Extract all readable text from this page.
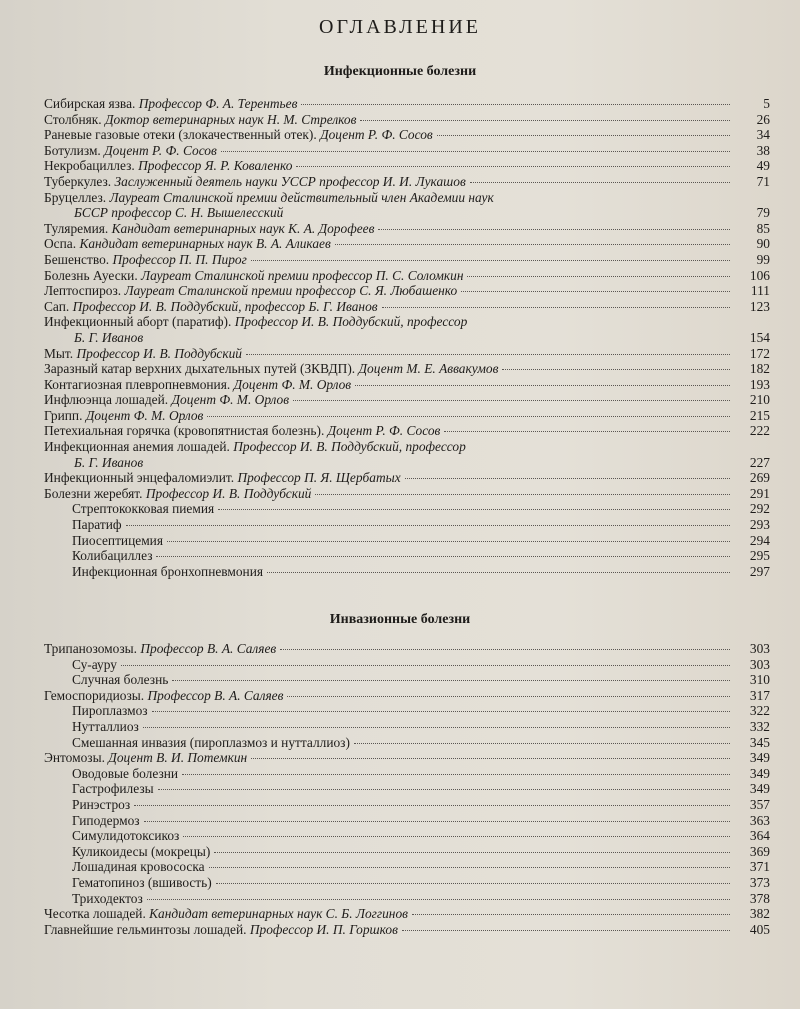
ОГЛАВЛЕНИЕ
Инфекционные болезни
Сибирская язва. Профессор Ф. А. Терентьев	5
Столбняк. Доктор ветеринарных наук Н. М. Стрелков	26
Раневые газовые отеки (злокачественный отек). Доцент Р. Ф. Сосов	34
Ботулизм. Доцент Р. Ф. Сосов	38
Некробациллез. Профессор Я. Р. Коваленко	49
Туберкулез. Заслуженный деятель науки УССР профессор И. И. Лукашов	71
Бруцеллез. Лауреат Сталинской премии действительный член Академии наук
БССР профессор С. Н. Вышелесский	79
Туляремия. Кандидат ветеринарных наук К. А. Дорофеев	85
Оспа. Кандидат ветеринарных наук В. А. Аликаев	90
Бешенство. Профессор П. П. Пирог	99
Болезнь Ауески. Лауреат Сталинской премии профессор П. С. Соломкин	106
Лептоспироз. Лауреат Сталинской премии профессор С. Я. Любашенко	111
Сап. Профессор И. В. Поддубский, профессор Б. Г. Иванов	123
Инфекционный аборт (паратиф). Профессор И. В. Поддубский, профессор
Б. Г. Иванов	154
Мыт. Профессор И. В. Поддубский	172
Заразный катар верхних дыхательных путей (ЗКВДП). Доцент М. Е. Аввакумов	182
Контагиозная плевропневмония. Доцент Ф. М. Орлов	193
Инфлюэнца лошадей. Доцент Ф. М. Орлов	210
Грипп. Доцент Ф. М. Орлов	215
Петехиальная горячка (кровопятнистая болезнь). Доцент Р. Ф. Сосов	222
Инфекционная анемия лошадей. Профессор И. В. Поддубский, профессор
Б. Г. Иванов	227
Инфекционный энцефаломиэлит. Профессор П. Я. Щербатых	269
Болезни жеребят. Профессор И. В. Поддубский	291
Стрептококковая пиемия	292
Паратиф	293
Пиосептицемия	294
Колибациллез	295
Инфекционная бронхопневмония	297
Инвазионные болезни
Трипанозомозы. Профессор В. А. Саляев	303
Су-ауру	303
Случная болезнь	310
Гемоспоридиозы. Профессор В. А. Саляев	317
Пироплазмоз	322
Нутталлиоз	332
Смешанная инвазия (пироплазмоз и нутталлиоз)	345
Энтомозы. Доцент В. И. Потемкин	349
Оводовые болезни	349
Гастрофилезы	349
Ринэстроз	357
Гиподермоз	363
Симулидотоксикоз	364
Куликоидесы (мокрецы)	369
Лошадиная кровососка	371
Гематопиноз (вшивость)	373
Триходектоз	378
Чесотка лошадей. Кандидат ветеринарных наук С. Б. Логгинов	382
Главнейшие гельминтозы лошадей. Профессор И. П. Горшков	405
